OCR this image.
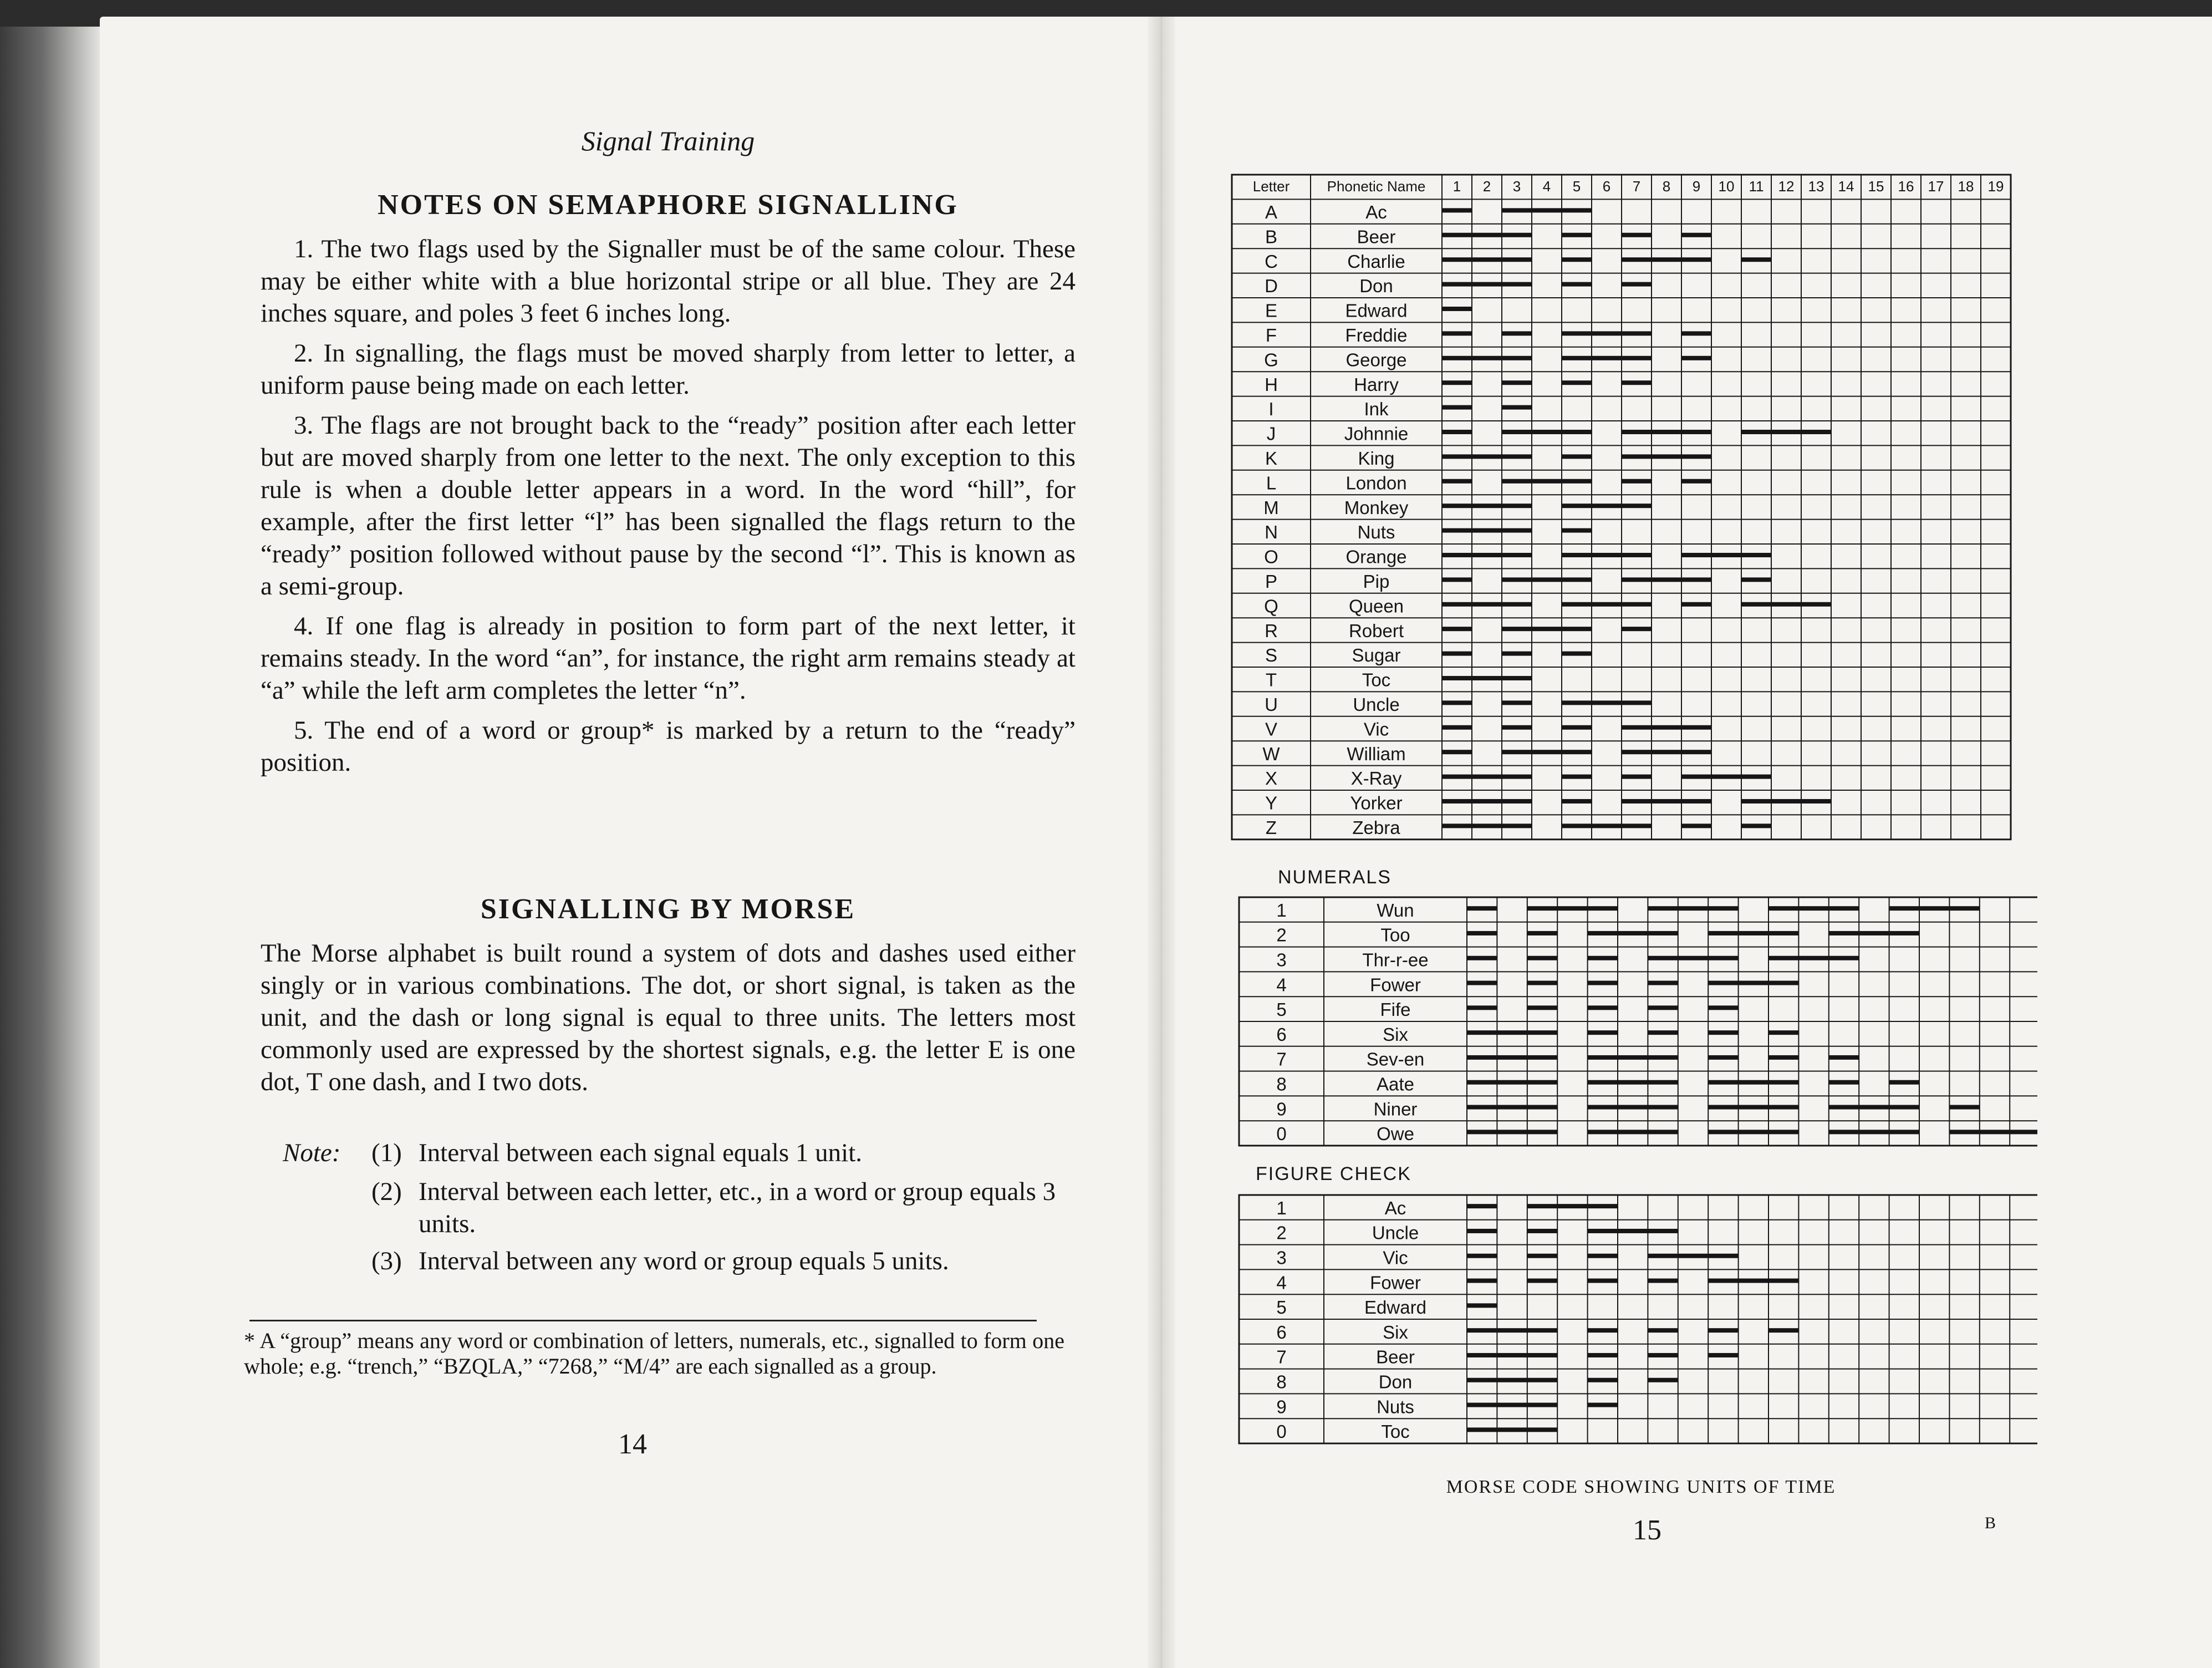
Signal Training
NOTES ON SEMAPHORE SIGNALLING

1. The two flags used by the Signaller must be of the same colour. These may be either white with a blue horizontal stripe or all blue. They are 24 inches square, and poles 3 feet 6 inches long.

2. In signalling, the flags must be moved sharply from letter to letter, a uniform pause being made on each letter.

3. The flags are not brought back to the “ready” position after each letter but are moved sharply from one letter to the next. The only exception to this rule is when a double letter appears in a word. In the word “hill”, for example, after the first letter “l” has been signalled the flags return to the “ready” position followed without pause by the second “l”. This is known as a semi-group.

4. If one flag is already in position to form part of the next letter, it remains steady. In the word “an”, for instance, the right arm remains steady at “a” while the left arm completes the letter “n”.

5. The end of a word or group* is marked by a return to the “ready” position.

SIGNALLING BY MORSE

The Morse alphabet is built round a system of dots and dashes used either singly or in various combinations. The dot, or short signal, is taken as the unit, and the dash or long signal is equal to three units. The letters most commonly used are expressed by the shortest signals, e.g. the letter E is one dot, T one dash, and I two dots.

Note: (1) Interval between each signal equals 1 unit.
(2) Interval between each letter, etc., in a word or group equals 3 units.
(3) Interval between any word or group equals 5 units.
* A “group” means any word or combination of letters, numerals, etc., signalled to form one whole; e.g. “trench,” “BZQLA,” “7268,” “M/4” are each signalled as a group.
14
Letter	Phonetic Name 1 2 3 4 5 6 7 8 9 10 11 12 13 14 15 16 17 18 19
A	Ac
B	Beer
C	Charlie
D	Don
E	Edward
F	Freddie
G	George
H	Harry
I	Ink
J	Johnnie
K	King
L	London
M	Monkey
N	Nuts
O	Orange
P	Pip
Q	Queen
R	Robert
S	Sugar
T	Toc
U	Uncle
V	Vic
W	William
X	X-Ray
Y	Yorker
Z	Zebra
1	Wun
2	Too
3	Thr-r-ee
4	Fower
5	Fife
6	Six
7	Sev-en
8	Aate
9	Niner
0	Owe
1	Ac
2	Uncle
3	Vic
4	Fower
5	Edward
6	Six
7	Beer
8	Don
9	Nuts
0	Toc
NUMERALS
FIGURE CHECK
MORSE CODE SHOWING UNITS OF TIME
15	B
